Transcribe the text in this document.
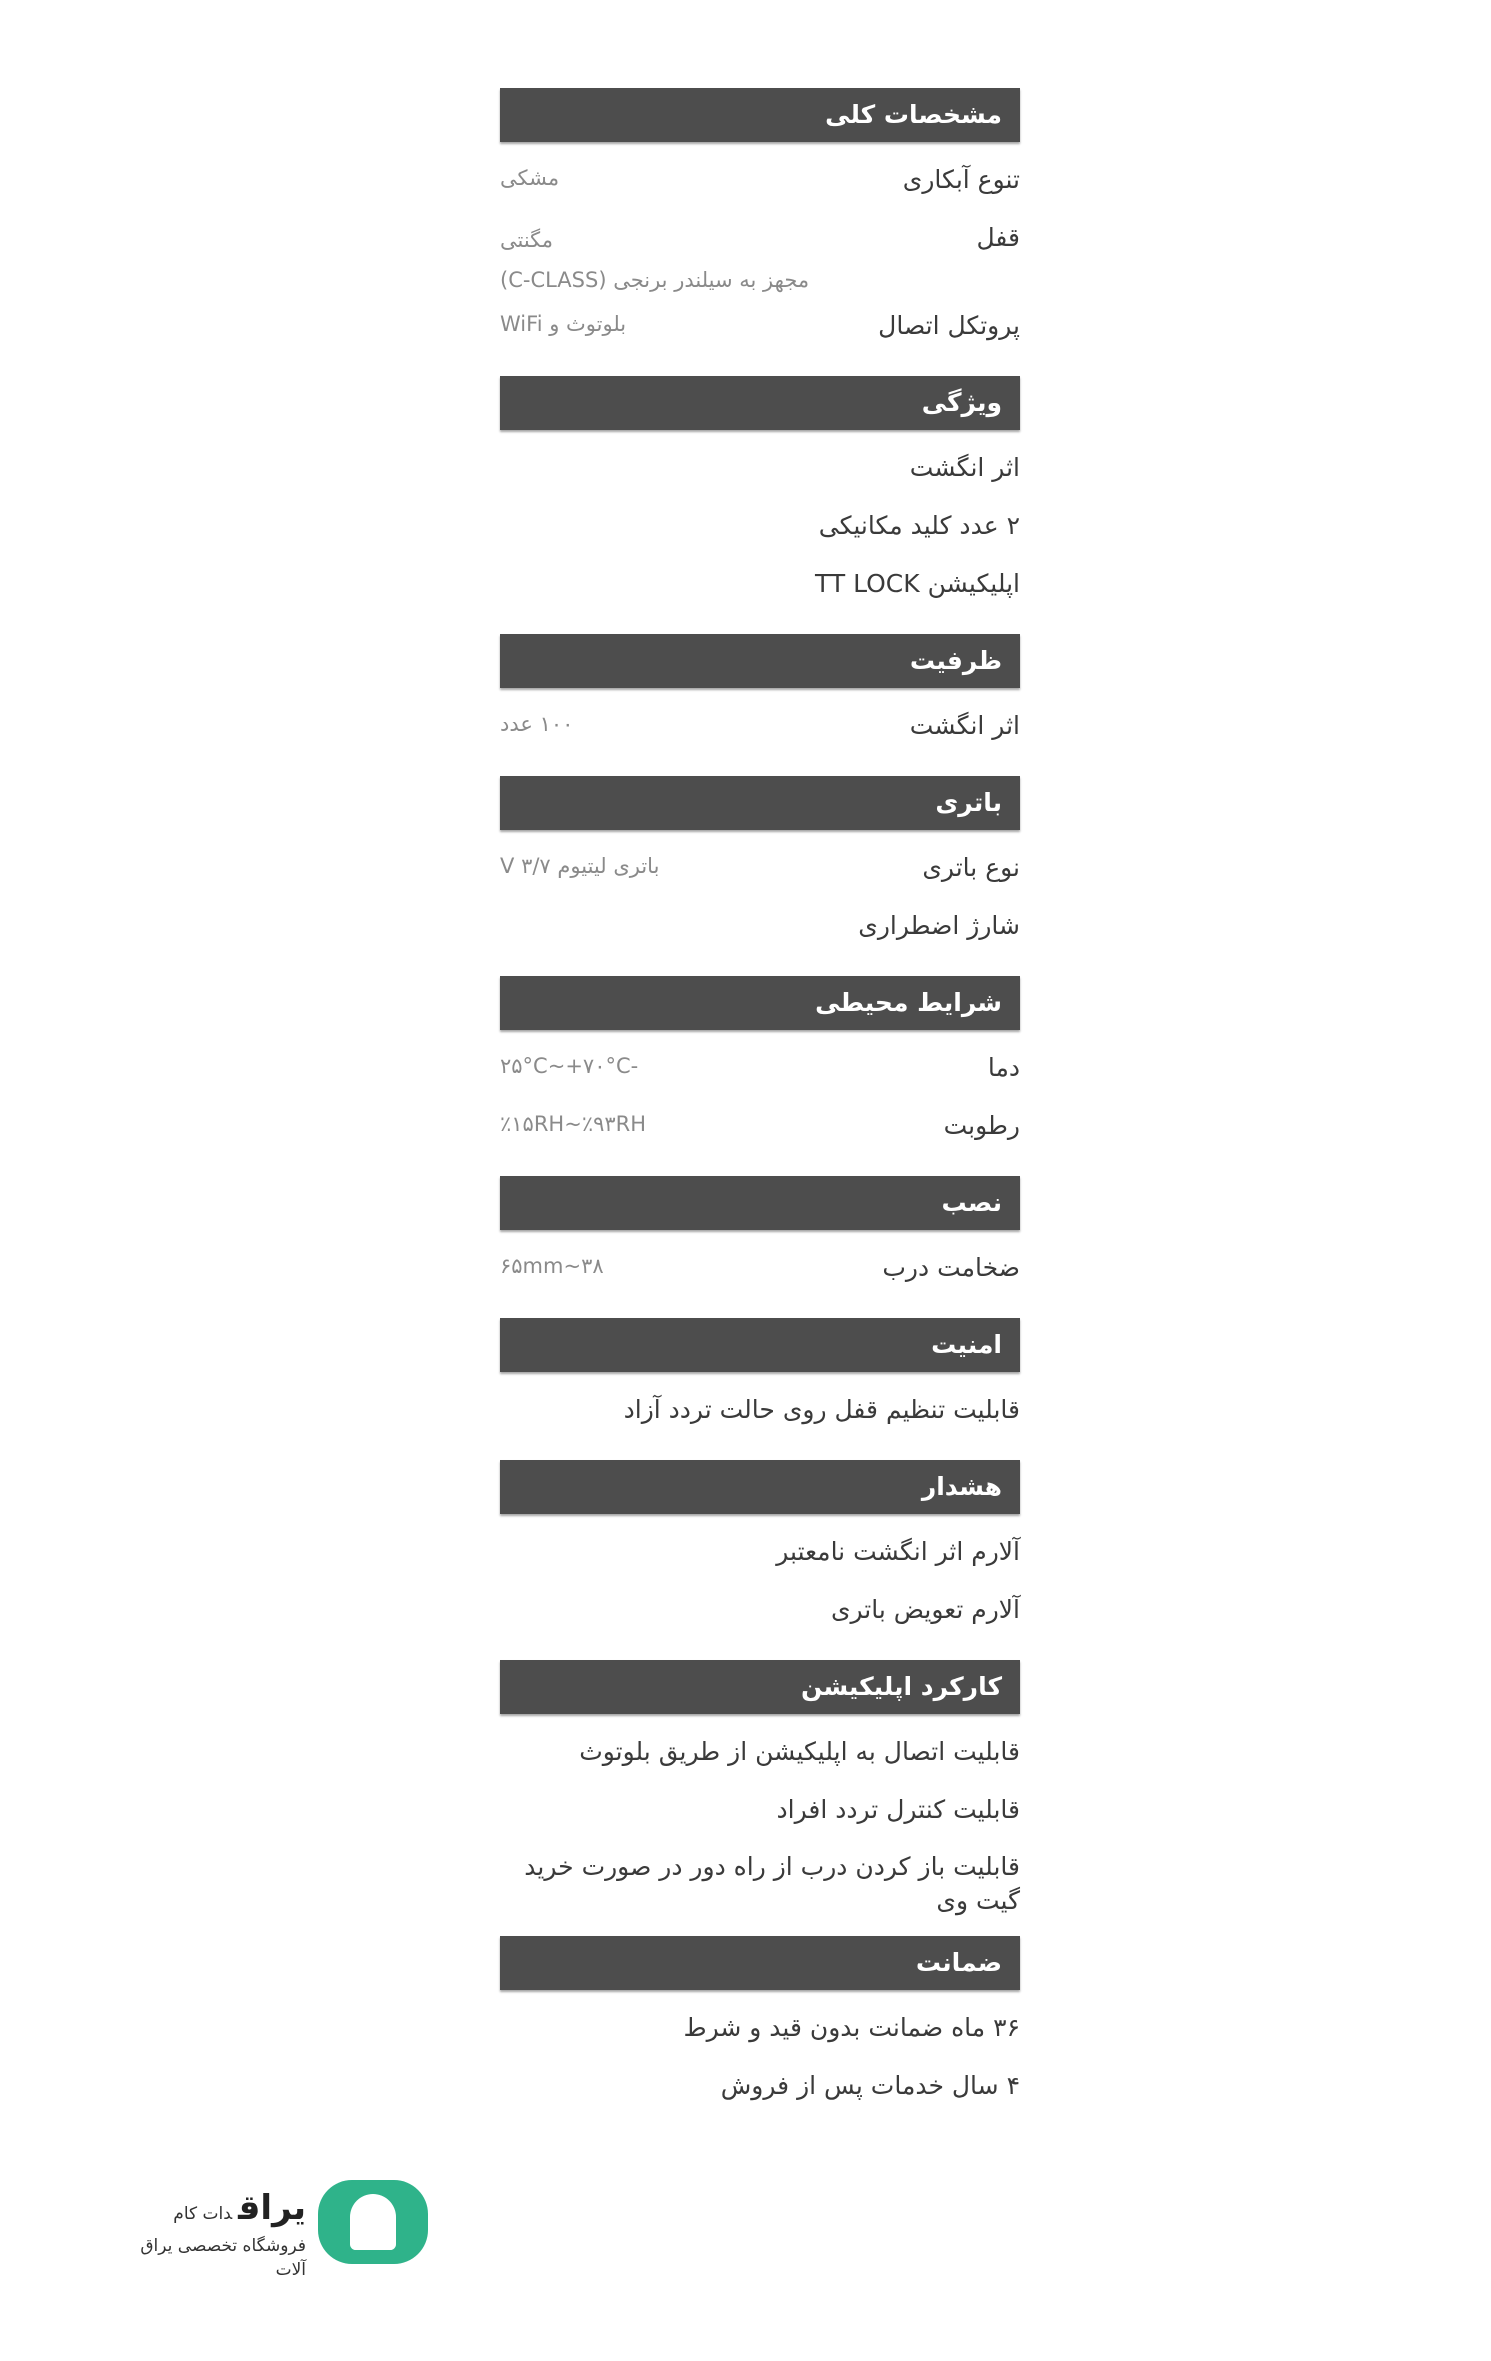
مشخصات کلی
تنوع آبکاری
مشکی
قفل
مگنتی
مجهز به سیلندر برنجی (C-CLASS)
پروتکل اتصال
بلوتوث و WiFi
ویژگی
اثر انگشت
۲ عدد کلید مکانیکی
اپلیکیشن TT LOCK
ظرفیت
اثر انگشت
۱۰۰ عدد
باتری
نوع باتری
باتری لیتیوم ۳/۷ V
شارژ اضطراری
شرایط محیطی
دما
-۲۵°C~+۷۰°C
رطوبت
٪۱۵RH~٪۹۳RH
نصب
ضخامت درب
۳۸~۶۵mm
امنیت
قابلیت تنظیم قفل روی حالت تردد آزاد
هشدار
آلارم اثر انگشت نامعتبر
آلارم تعویض باتری
کارکرد اپلیکیشن
قابلیت اتصال به اپلیکیشن از طریق بلوتوث
قابلیت کنترل تردد افراد
قابلیت باز کردن درب از راه دور در صورت خرید گیت وی
ضمانت
۳۶ ماه ضمانت بدون قید و شرط
۴ سال خدمات پس از فروش
یراقدات کام
فروشگاه تخصصی یراق آلات
